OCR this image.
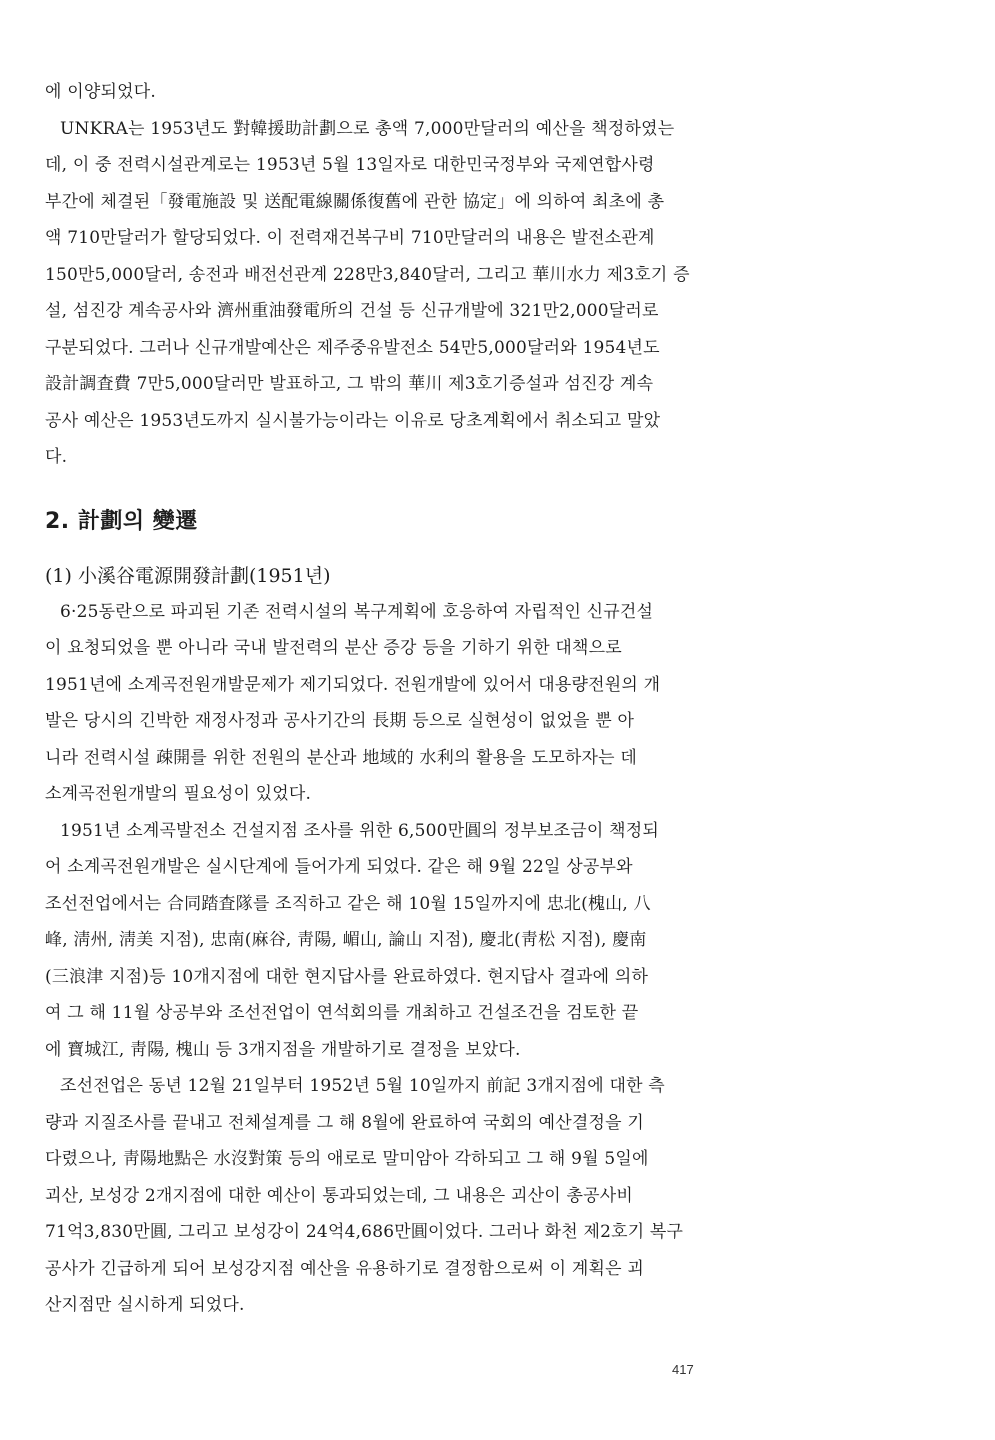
에 이양되었다.

UNKRA는 1953년도 對韓援助計劃으로 총액 7,000만달러의 예산을 책정하였는
데, 이 중 전력시설관계로는 1953년 5월 13일자로 대한민국정부와 국제연합사령
부간에 체결된「發電施設 및 送配電線關係復舊에 관한 協定」에 의하여 최초에 총
액 710만달러가 할당되었다. 이 전력재건복구비 710만달러의 내용은 발전소관계
150만5,000달러, 송전과 배전선관계 228만3,840달러, 그리고 華川水力 제3호기 증
설, 섬진강 계속공사와 濟州重油發電所의 건설 등 신규개발에 321만2,000달러로
구분되었다. 그러나 신규개발예산은 제주중유발전소 54만5,000달러와 1954년도
設計調査費 7만5,000달러만 발표하고, 그 밖의 華川 제3호기증설과 섬진강 계속
공사 예산은 1953년도까지 실시불가능이라는 이유로 당초계획에서 취소되고 말았
다.

2. 計劃의 變遷
(1) 小溪谷電源開發計劃(1951년)

6·25동란으로 파괴된 기존 전력시설의 복구계획에 호응하여 자립적인 신규건설
이 요청되었을 뿐 아니라 국내 발전력의 분산 증강 등을 기하기 위한 대책으로
1951년에 소계곡전원개발문제가 제기되었다. 전원개발에 있어서 대용량전원의 개
발은 당시의 긴박한 재정사정과 공사기간의 長期 등으로 실현성이 없었을 뿐 아
니라 전력시설 疎開를 위한 전원의 분산과 地域的 水利의 활용을 도모하자는 데
소계곡전원개발의 필요성이 있었다.

1951년 소계곡발전소 건설지점 조사를 위한 6,500만圓의 정부보조금이 책정되
어 소계곡전원개발은 실시단계에 들어가게 되었다. 같은 해 9월 22일 상공부와
조선전업에서는 合同踏査隊를 조직하고 같은 해 10월 15일까지에 忠北(槐山, 八
峰, 淸州, 淸美 지점), 忠南(麻谷, 靑陽, 嵋山, 論山 지점), 慶北(靑松 지점), 慶南
(三浪津 지점)등 10개지점에 대한 현지답사를 완료하였다. 현지답사 결과에 의하
여 그 해 11월 상공부와 조선전업이 연석회의를 개최하고 건설조건을 검토한 끝
에 寶城江, 靑陽, 槐山 등 3개지점을 개발하기로 결정을 보았다.

조선전업은 동년 12월 21일부터 1952년 5월 10일까지 前記 3개지점에 대한 측
량과 지질조사를 끝내고 전체설계를 그 해 8월에 완료하여 국회의 예산결정을 기
다렸으나, 靑陽地點은 水沒對策 등의 애로로 말미암아 각하되고 그 해 9월 5일에
괴산, 보성강 2개지점에 대한 예산이 통과되었는데, 그 내용은 괴산이 총공사비
71억3,830만圓, 그리고 보성강이 24억4,686만圓이었다. 그러나 화천 제2호기 복구
공사가 긴급하게 되어 보성강지점 예산을 유용하기로 결정함으로써 이 계획은 괴
산지점만 실시하게 되었다.

417
